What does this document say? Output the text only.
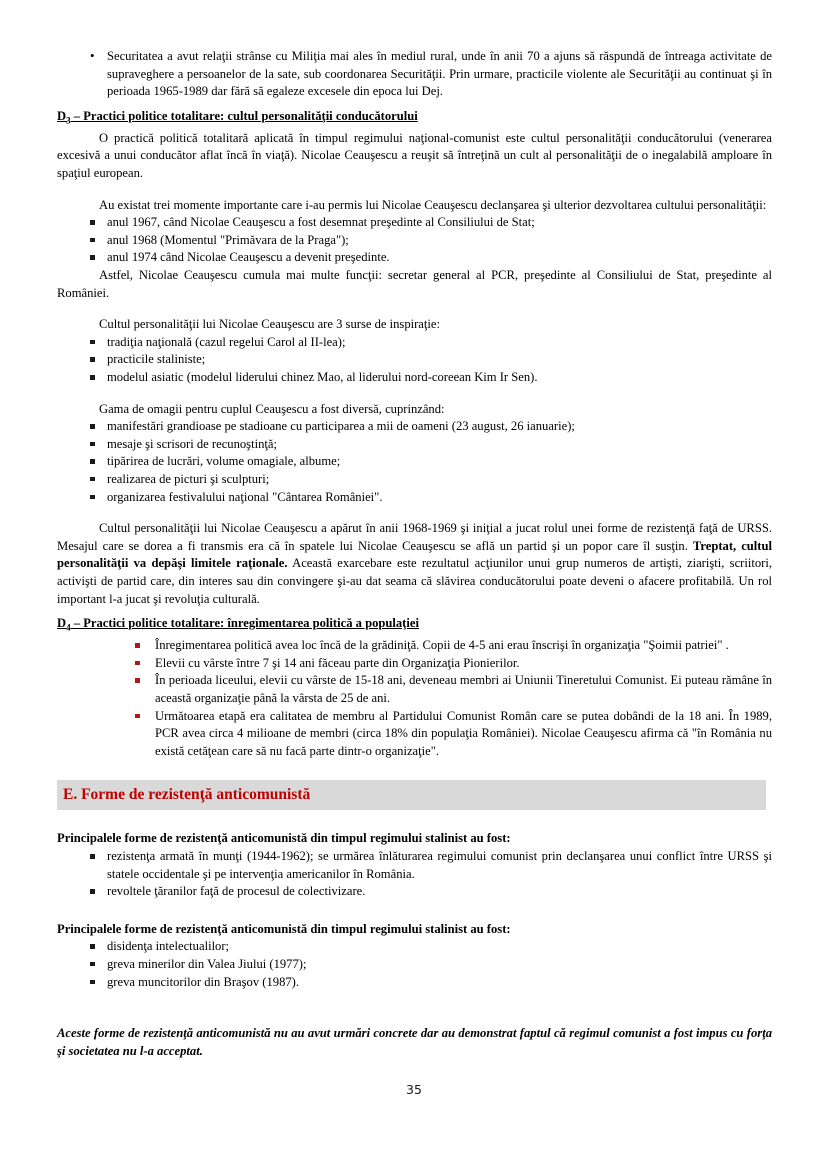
• Securitatea a avut relaţii strânse cu Miliţia mai ales în mediul rural, unde în anii 70 a ajuns să răspundă de întreaga activitate de supraveghere a persoanelor de la sate, sub coordonarea Securităţii. Prin urmare, practicile violente ale Securităţii au continuat şi în perioada 1965-1989 dar fără să egaleze excesele din epoca lui Dej.

$D_3$ – Practici politice totalitare: cultul personalităţii conducătorului

O practică politică totalitară aplicată în timpul regimului naţional-comunist este cultul personalităţii conducătorului (venerarea excesivă a unui conducător aflat încă în viaţă). Nicolae Ceauşescu a reuşit să întreţină un cult al personalităţii de o inegalabilă amploare în spaţiul european.

Au existat trei momente importante care i-au permis lui Nicolae Ceauşescu declanşarea şi ulterior dezvoltarea cultului personalităţii:

anul 1967, când Nicolae Ceauşescu a fost desemnat preşedinte al Consiliului de Stat;
anul 1968 (Momentul "Primăvara de la Praga");
anul 1974 când Nicolae Ceauşescu a devenit preşedinte.

Astfel, Nicolae Ceauşescu cumula mai multe funcţii: secretar general al PCR, preşedinte al Consiliului de Stat, preşedinte al României.

Cultul personalităţii lui Nicolae Ceauşescu are 3 surse de inspiraţie:

tradiţia naţională (cazul regelui Carol al II-lea);
practicile staliniste;
modelul asiatic (modelul liderului chinez Mao, al liderului nord-coreean Kim Ir Sen).

Gama de omagii pentru cuplul Ceauşescu a fost diversă, cuprinzând:

manifestări grandioase pe stadioane cu participarea a mii de oameni (23 august, 26 ianuarie);
mesaje şi scrisori de recunoştinţă;
tipărirea de lucrări, volume omagiale, albume;
realizarea de picturi şi sculpturi;
organizarea festivalului naţional "Cântarea României".

Cultul personalităţii lui Nicolae Ceauşescu a apărut în anii 1968-1969 şi iniţial a jucat rolul unei forme de rezistenţă faţă de URSS. Mesajul care se dorea a fi transmis era că în spatele lui Nicolae Ceauşescu se află un partid şi un popor care îl susţin. Treptat, cultul personalităţii va depăşi limitele raţionale. Această exarcebare este rezultatul acţiunilor unui grup numeros de artişti, ziarişti, scriitori, activişti de partid care, din interes sau din convingere şi-au dat seama că slăvirea conducătorului poate deveni o afacere profitabilă. Un rol important l-a jucat şi revoluţia culturală.

$D_4$ – Practici politice totalitare: înregimentarea politică a populaţiei

Înregimentarea politică avea loc încă de la grădiniţă. Copii de 4-5 ani erau înscrişi în organizaţia "Şoimii patriei" .
Elevii cu vârste între 7 şi 14 ani făceau parte din Organizaţia Pionierilor.
În perioada liceului, elevii cu vârste de 15-18 ani, deveneau membri ai Uniunii Tineretului Comunist. Ei puteau rămâne în această organizaţie până la vârsta de 25 de ani.
Următoarea etapă era calitatea de membru al Partidului Comunist Român care se putea dobândi de la 18 ani. În 1989, PCR avea circa 4 milioane de membri (circa 18% din populaţia României). Nicolae Ceauşescu afirma că "în România nu există cetăţean care să nu facă parte dintr-o organizaţie".

E. Forme de rezistenţă anticomunistă

Principalele forme de rezistenţă anticomunistă din timpul regimului stalinist au fost:

rezistenţa armată în munţi (1944-1962); se urmărea înlăturarea regimului comunist prin declanşarea unui conflict între URSS şi statele occidentale şi pe intervenţia americanilor în România.
revoltele ţăranilor faţă de procesul de colectivizare.

Principalele forme de rezistenţă anticomunistă din timpul regimului stalinist au fost:

disidenţa intelectualilor;
greva minerilor din Valea Jiului (1977);
greva muncitorilor din Braşov (1987).

Aceste forme de rezistenţă anticomunistă nu au avut urmări concrete dar au demonstrat faptul că regimul comunist a fost impus cu forţa şi societatea nu l-a acceptat.

35
